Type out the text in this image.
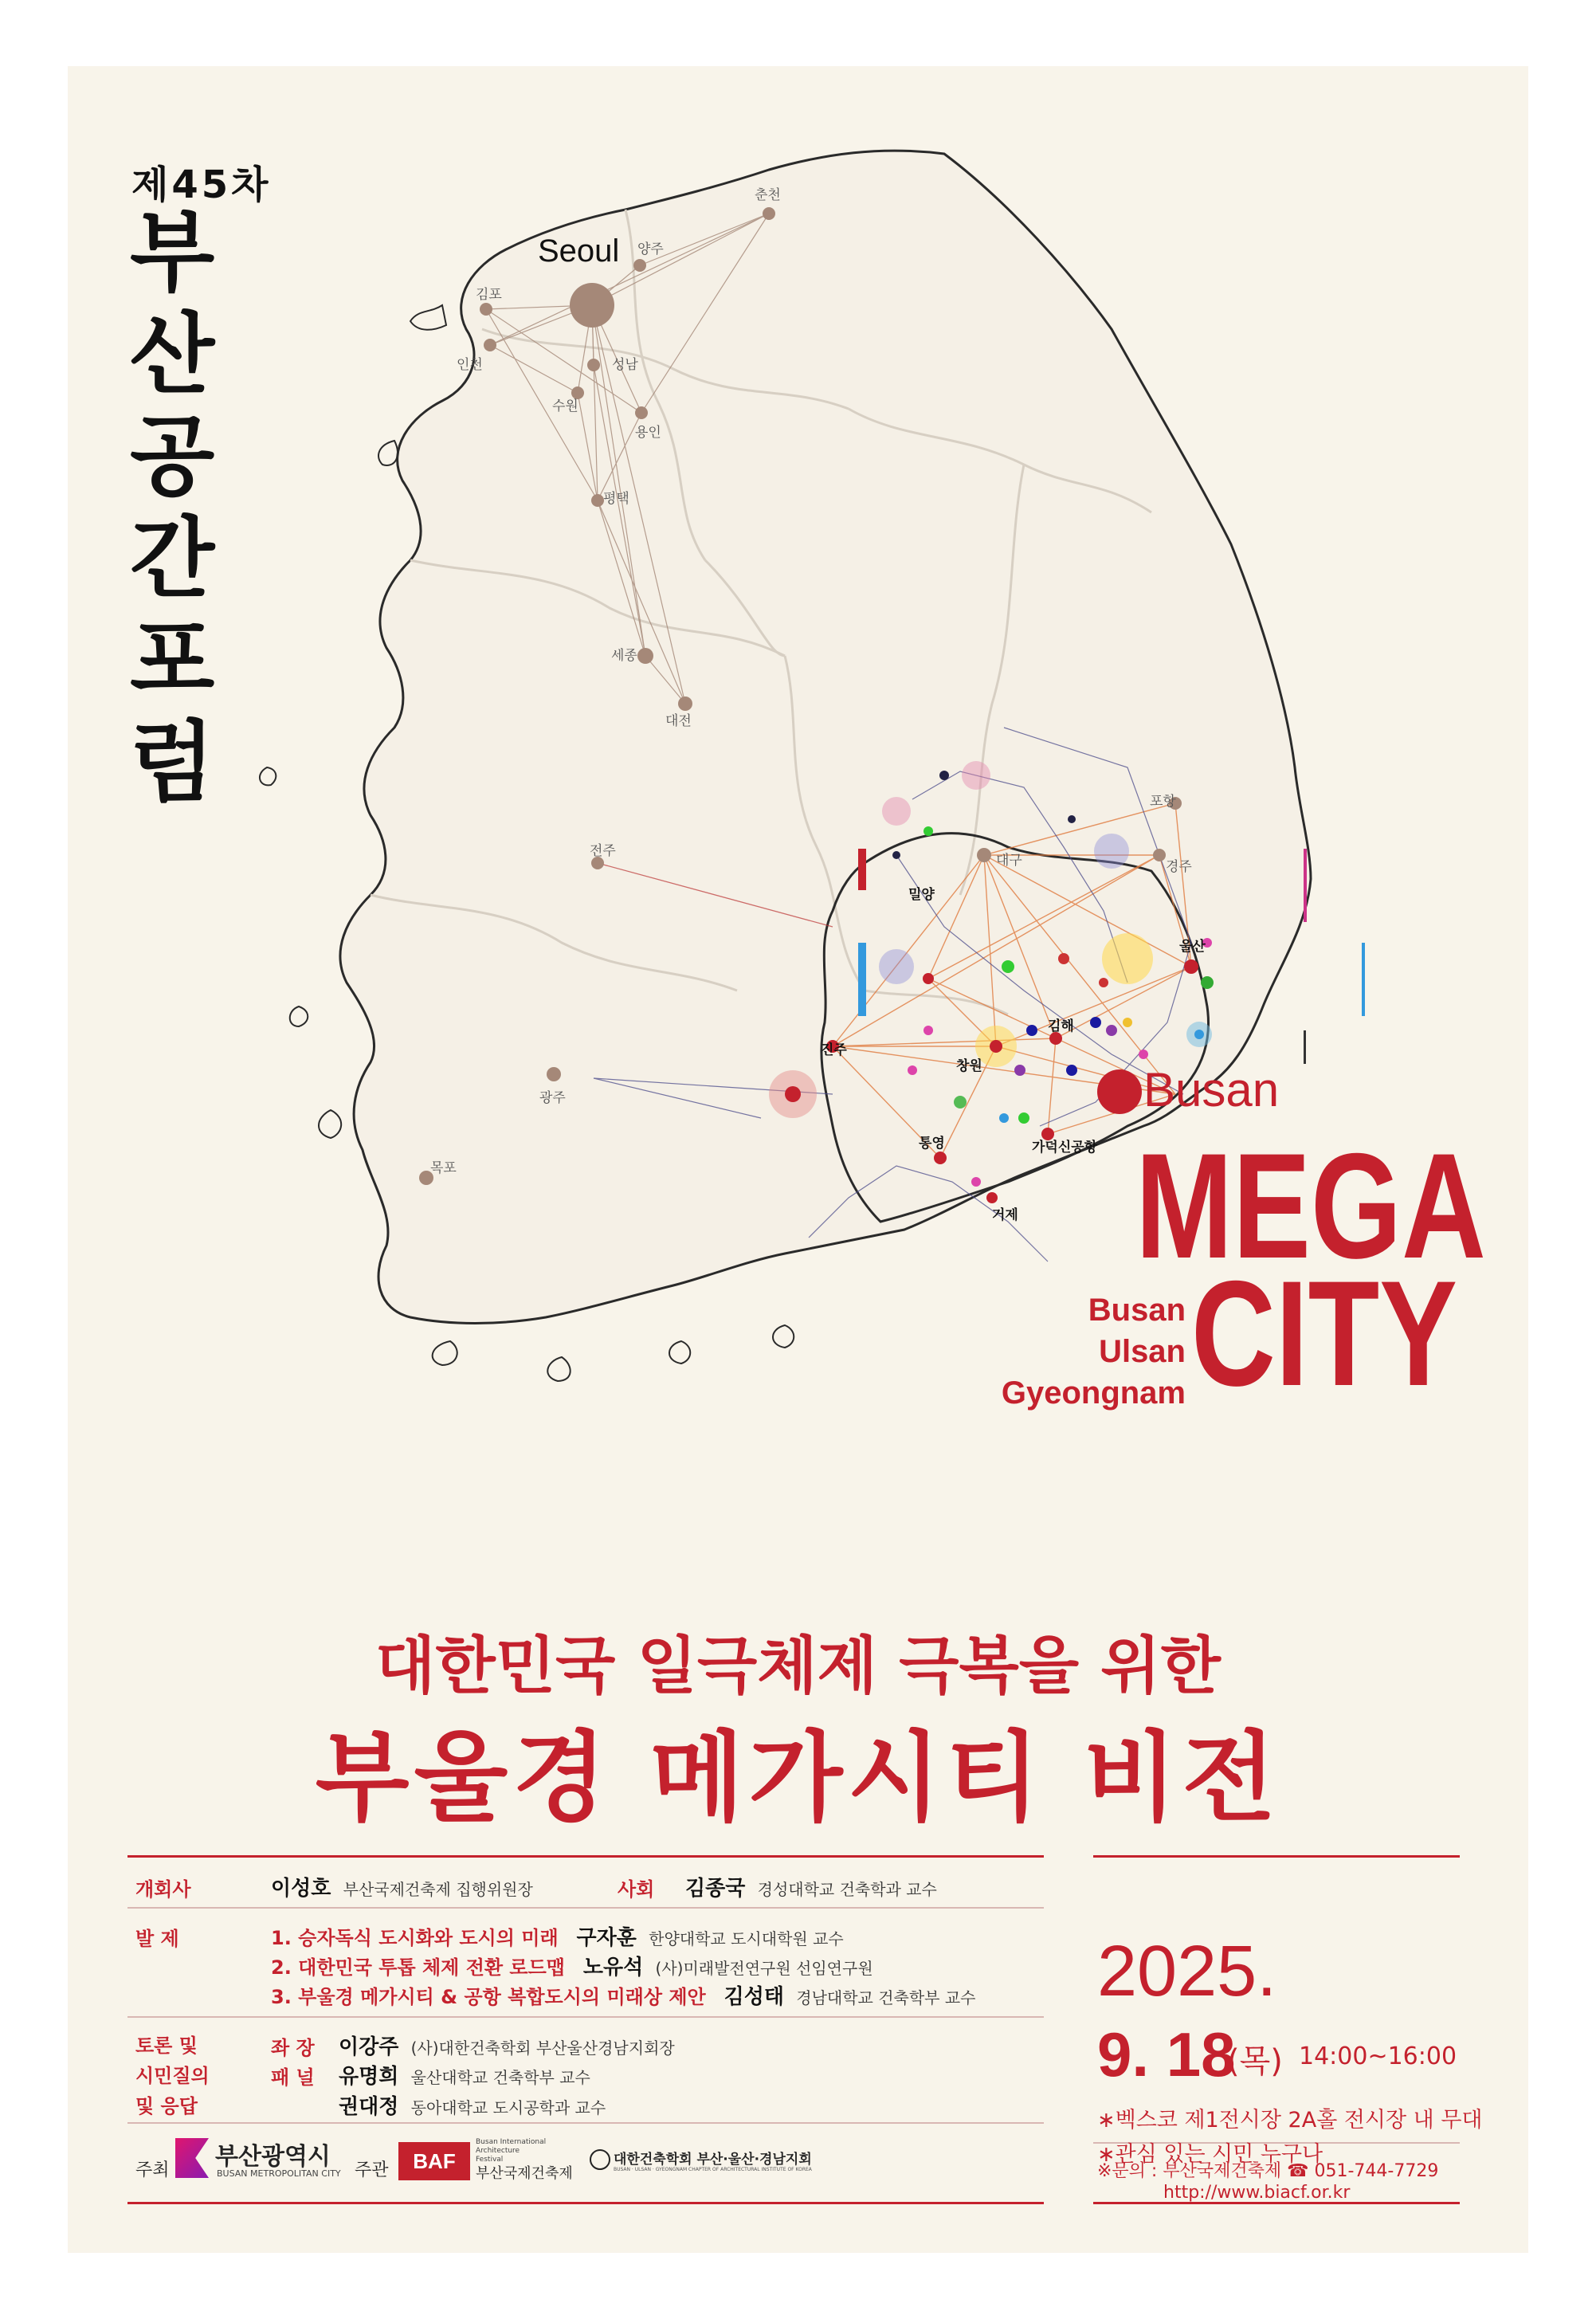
Seoul
Busan
양주
춘천
김포
인천	성남
수원
용인
평택
세종
대전
전주
광주
목포
대구
포항
경주
밀양
울산
진주
창원
김해
통영	가덕신공항
거제
제45차
부산공간포럼
MEGA
CITY
Busan
Ulsan
Gyeongnam
대한민국 일극체제 극복을 위한
부울경 메가시티 비전
개회사	이성호 부산국제건축제 집행위원장	사회 김종국 경성대학교 건축학과 교수
발 제	1. 승자독식 도시화와 도시의 미래 구자훈 한양대학교 도시대학원 교수
2. 대한민국 투톱 체제 전환 로드맵 노유석 (사)미래발전연구원 선임연구원
3. 부울경 메가시티 & 공항 복합도시의 미래상 제안 김성태 경남대학교 건축학부 교수
토론 및
시민질의
및 응답
좌 장 이강주 (사)대한건축학회 부산울산경남지회장
패 널 유명희 울산대학교 건축학부 교수
권대정 동아대학교 도시공학과 교수
주최 부산광역시
BUSAN METROPOLITAN CITY 주관	BAF
Busan International Architecture Festival
부산국제건축제
대한건축학회 부산·울산·경남지회
BUSAN · ULSAN · GYEONGNAM CHAPTER OF ARCHITECTURAL INSTITUTE OF KOREA
2025.
9. 18
(목) 14:00~16:00
∗벡스코 제1전시장 2A홀 전시장 내 무대
∗관심 있는 시민 누구나
※문의 : 부산국제건축제 ☎ 051-744-7729
http://www.biacf.or.kr
